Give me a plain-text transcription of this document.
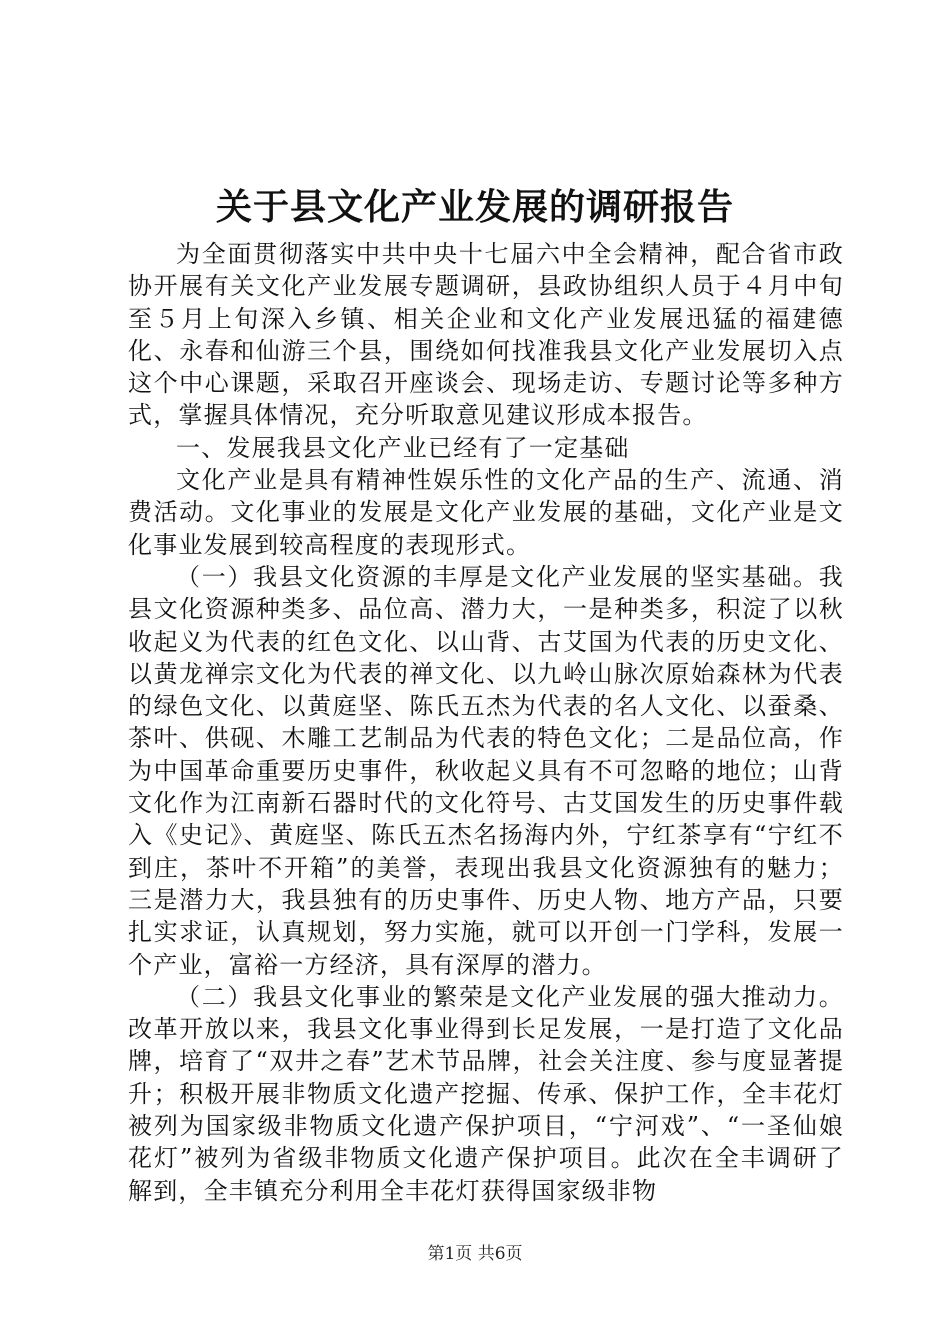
关于县文化产业发展的调研报告

为全面贯彻落实中共中央十七届六中全会精神，配合省市政协开展有关文化产业发展专题调研，县政协组织人员于４月中旬至５月上旬深入乡镇、相关企业和文化产业发展迅猛的福建德化、永春和仙游三个县，围绕如何找准我县文化产业发展切入点这个中心课题，采取召开座谈会、现场走访、专题讨论等多种方式，掌握具体情况，充分听取意见建议形成本报告。

一、发展我县文化产业已经有了一定基础

文化产业是具有精神性娱乐性的文化产品的生产、流通、消费活动。文化事业的发展是文化产业发展的基础，文化产业是文化事业发展到较高程度的表现形式。

（一）我县文化资源的丰厚是文化产业发展的坚实基础。我县文化资源种类多、品位高、潜力大，一是种类多，积淀了以秋收起义为代表的红色文化、以山背、古艾国为代表的历史文化、以黄龙禅宗文化为代表的禅文化、以九岭山脉次原始森林为代表的绿色文化、以黄庭坚、陈氏五杰为代表的名人文化、以蚕桑、茶叶、供砚、木雕工艺制品为代表的特色文化；二是品位高，作为中国革命重要历史事件，秋收起义具有不可忽略的地位；山背文化作为江南新石器时代的文化符号、古艾国发生的历史事件载入《史记》、黄庭坚、陈氏五杰名扬海内外，宁红茶享有“宁红不到庄，茶叶不开箱”的美誉，表现出我县文化资源独有的魅力；三是潜力大，我县独有的历史事件、历史人物、地方产品，只要扎实求证，认真规划，努力实施，就可以开创一门学科，发展一个产业，富裕一方经济，具有深厚的潜力。

（二）我县文化事业的繁荣是文化产业发展的强大推动力。改革开放以来，我县文化事业得到长足发展，一是打造了文化品牌，培育了“双井之春”艺术节品牌，社会关注度、参与度显著提升；积极开展非物质文化遗产挖掘、传承、保护工作，全丰花灯被列为国家级非物质文化遗产保护项目，“宁河戏”、“一圣仙娘花灯”被列为省级非物质文化遗产保护项目。此次在全丰调研了解到，全丰镇充分利用全丰花灯获得国家级非物

第1页 共6页
